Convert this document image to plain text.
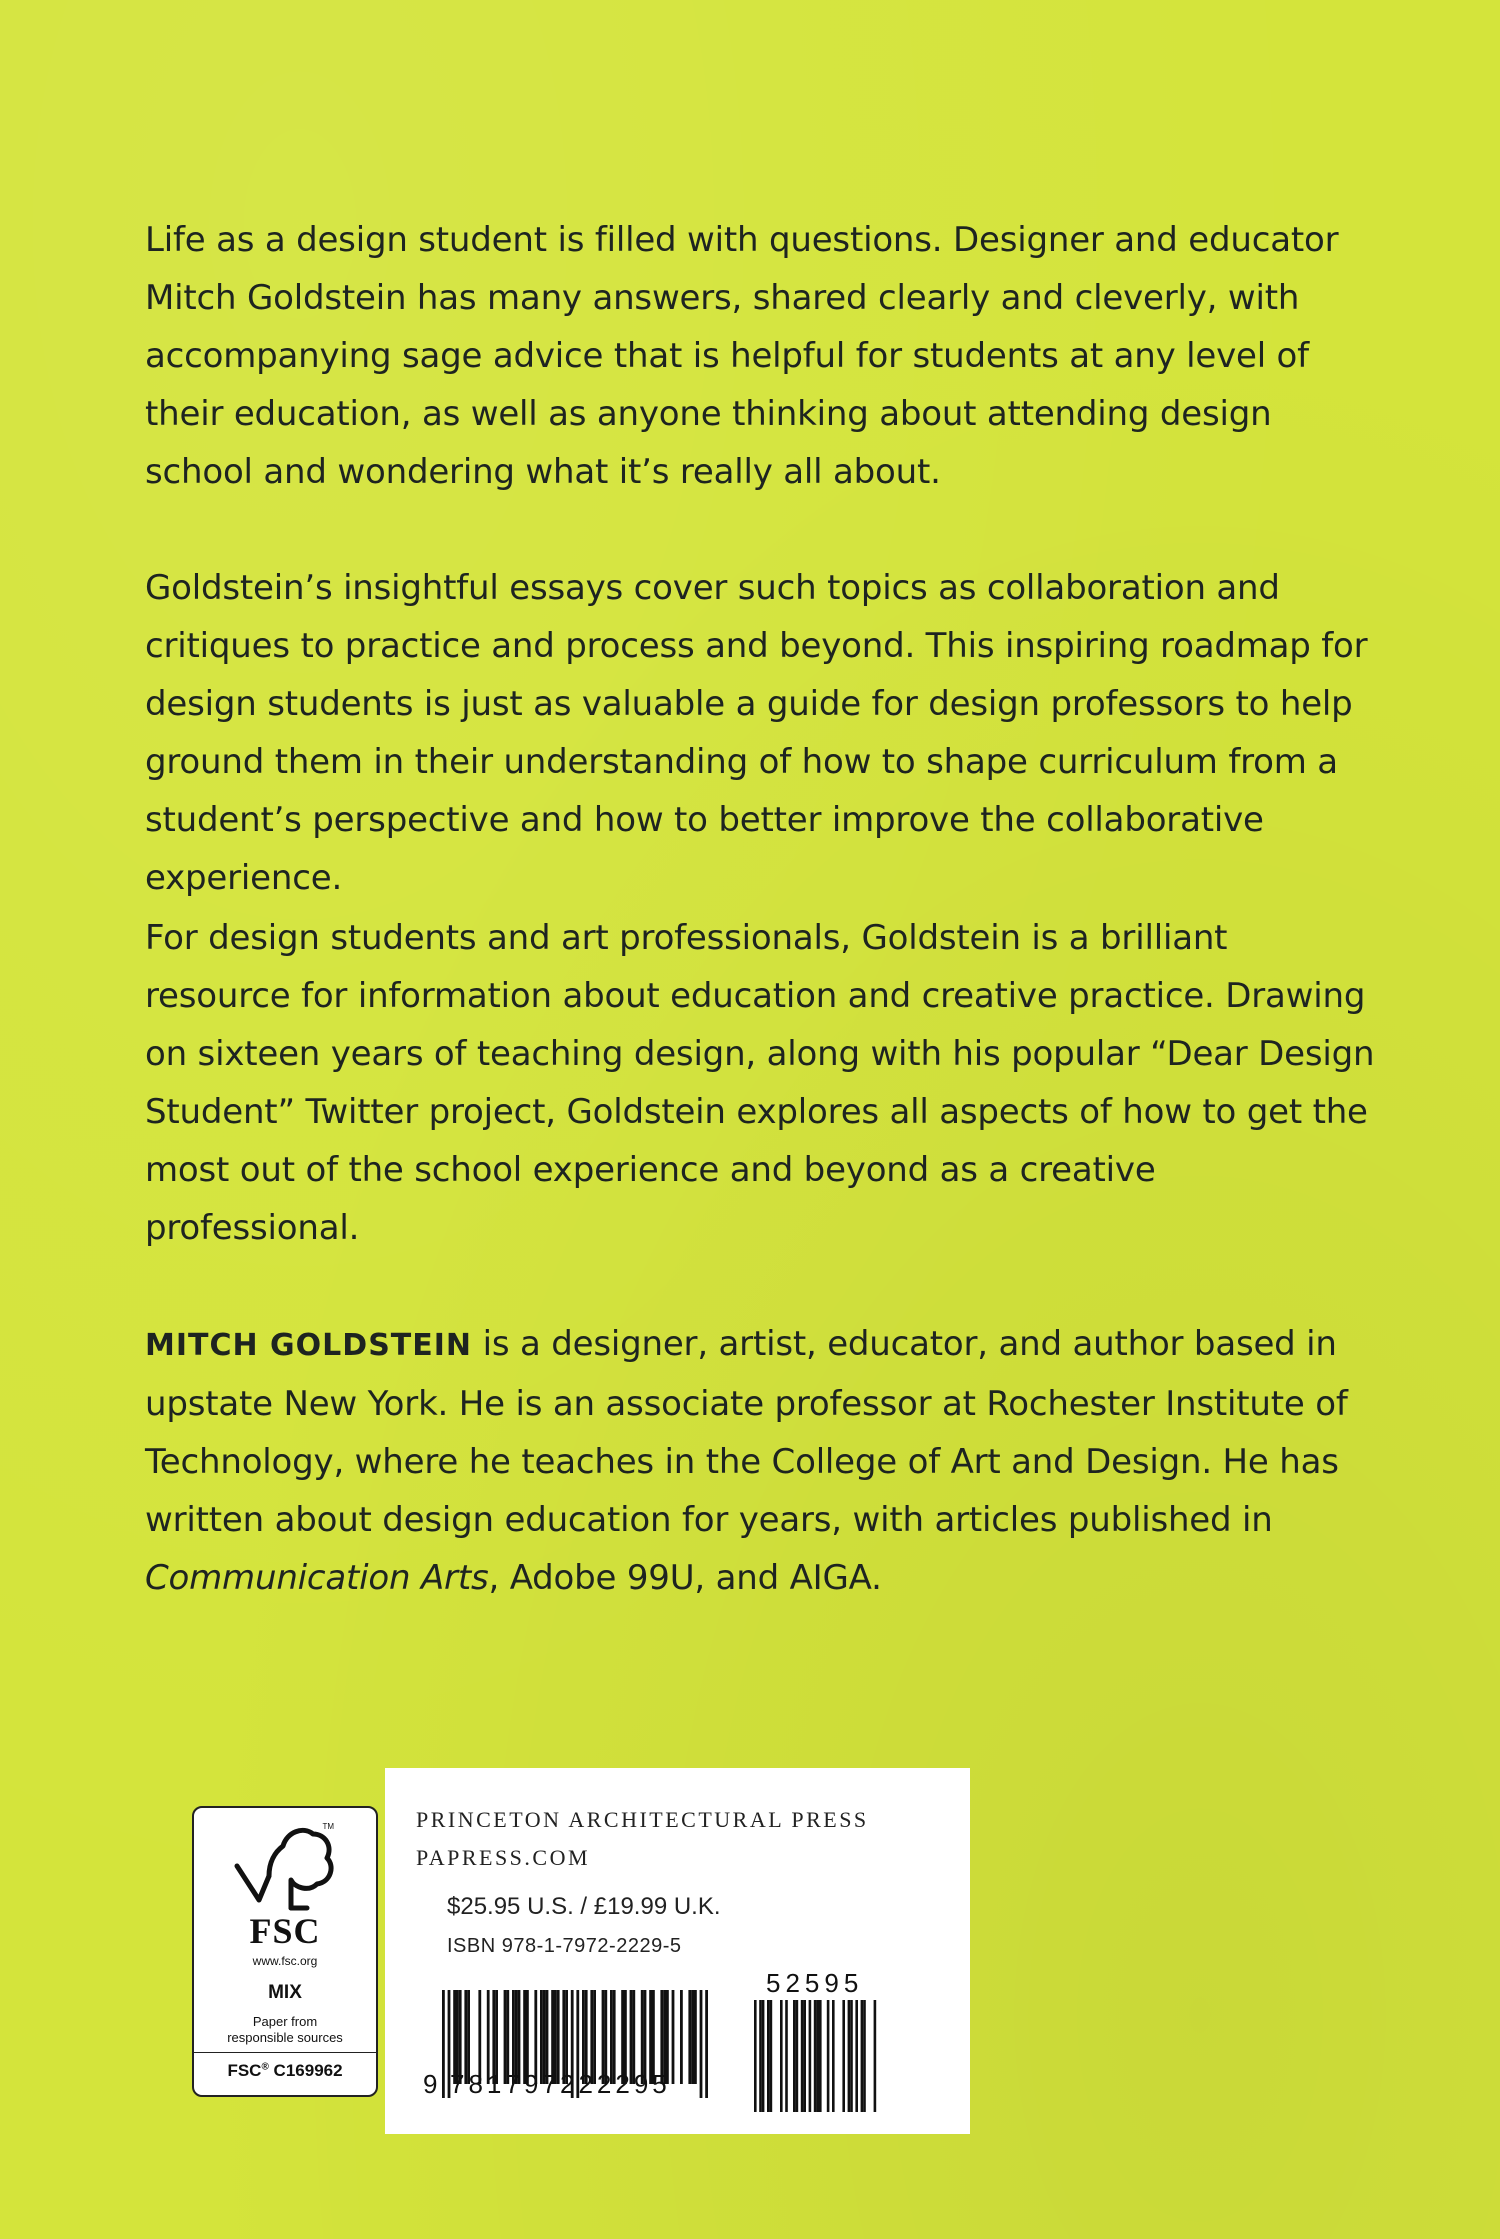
Life as a design student is filled with questions. Designer and educator Mitch Goldstein has many answers, shared clearly and cleverly, with accompanying sage advice that is helpful for students at any level of their education, as well as anyone thinking about attending design school and wondering what it’s really all about.

Goldstein’s insightful essays cover such topics as collaboration and critiques to practice and process and beyond. This inspiring roadmap for design students is just as valuable a guide for design professors to help ground them in their understanding of how to shape curriculum from a student’s perspective and how to better improve the collaborative experience.

For design students and art professionals, Goldstein is a brilliant resource for information about education and creative practice. Drawing on sixteen years of teaching design, along with his popular “Dear Design Student” Twitter project, Goldstein explores all aspects of how to get the most out of the school experience and beyond as a creative professional.

MITCH GOLDSTEIN is a designer, artist, educator, and author based in upstate New York. He is an associate professor at Rochester Institute of Technology, where he teaches in the College of Art and Design. He has written about design education for years, with articles published in Communication Arts, Adobe 99U, and AIGA.

TM
FSC
www.fsc.org
MIX
Paper from
responsible sources
FSC® C169962
PRINCETON ARCHITECTURAL PRESS
PAPRESS.COM
$25.95 U.S. / £19.99 U.K.
ISBN 978-1-7972-2229-5
9 781797 222295
52595
